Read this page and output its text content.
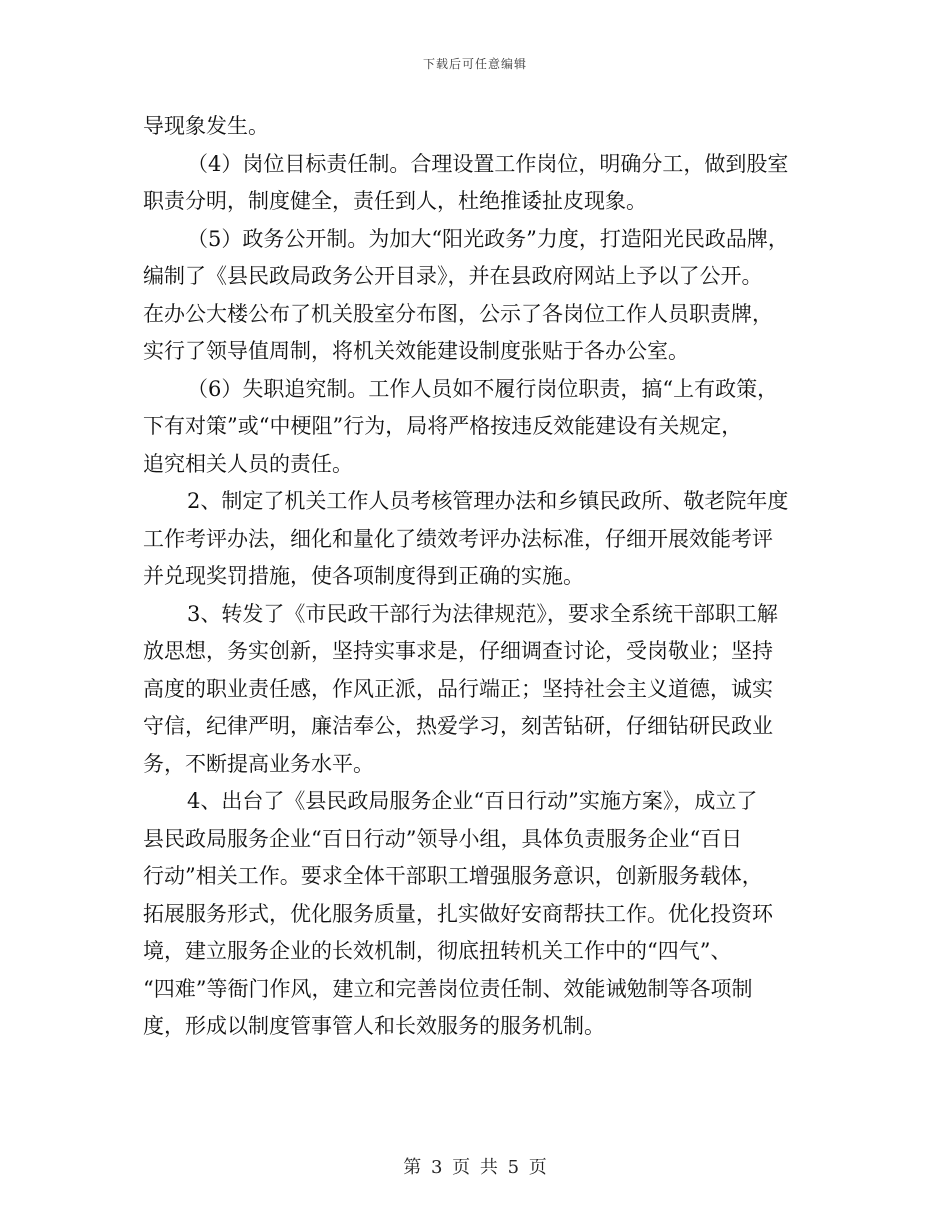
下载后可任意编辑
导现象发生。
（4）岗位目标责任制。合理设置工作岗位，明确分工，做到股室
职责分明，制度健全，责任到人，杜绝推诿扯皮现象。
（5）政务公开制。为加大“阳光政务”力度，打造阳光民政品牌，
编制了《县民政局政务公开目录》，并在县政府网站上予以了公开。
在办公大楼公布了机关股室分布图，公示了各岗位工作人员职责牌，
实行了领导值周制，将机关效能建设制度张贴于各办公室。
（6）失职追究制。工作人员如不履行岗位职责，搞“上有政策，
下有对策”或“中梗阻”行为，局将严格按违反效能建设有关规定，
追究相关人员的责任。
2、制定了机关工作人员考核管理办法和乡镇民政所、敬老院年度
工作考评办法，细化和量化了绩效考评办法标准，仔细开展效能考评
并兑现奖罚措施，使各项制度得到正确的实施。
3、转发了《市民政干部行为法律规范》，要求全系统干部职工解
放思想，务实创新，坚持实事求是，仔细调查讨论，受岗敬业；坚持
高度的职业责任感，作风正派，品行端正；坚持社会主义道德，诚实
守信，纪律严明，廉洁奉公，热爱学习，刻苦钻研，仔细钻研民政业
务，不断提高业务水平。
4、出台了《县民政局服务企业“百日行动”实施方案》，成立了
县民政局服务企业“百日行动”领导小组，具体负责服务企业“百日
行动”相关工作。要求全体干部职工增强服务意识，创新服务载体，
拓展服务形式，优化服务质量，扎实做好安商帮扶工作。优化投资环
境，建立服务企业的长效机制，彻底扭转机关工作中的“四气”、
“四难”等衙门作风，建立和完善岗位责任制、效能诫勉制等各项制
度，形成以制度管事管人和长效服务的服务机制。
第 3 页 共 5 页
